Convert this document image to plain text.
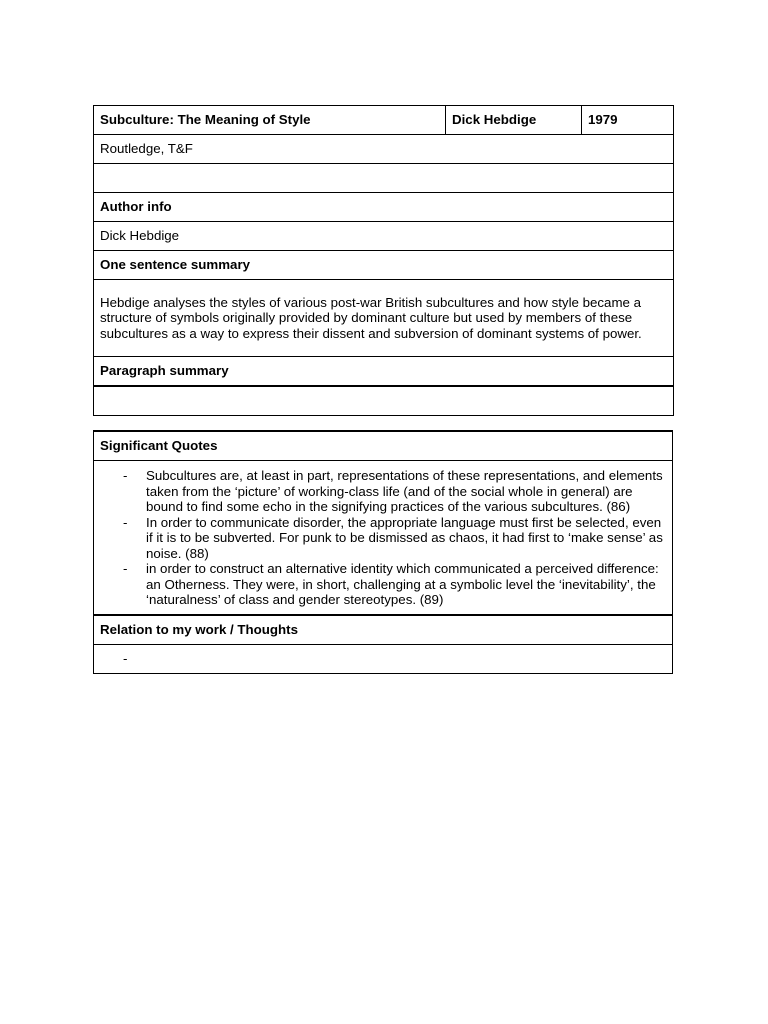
Subculture: The Meaning of Style	Dick Hebdige	1979
Routledge, T&F

Author info
Dick Hebdige
One sentence summary
Hebdige analyses the styles of various post-war British subcultures and how style became a structure of symbols originally provided by dominant culture but used by members of these subcultures as a way to express their dissent and subversion of dominant systems of power.
Paragraph summary

Significant Quotes

- Subcultures are, at least in part, representations of these representations, and elements taken from the ‘picture’ of working-class life (and of the social whole in general) are bound to find some echo in the signifying practices of the various subcultures. (86)
- In order to communicate disorder, the appropriate language must first be selected, even if it is to be subverted. For punk to be dismissed as chaos, it had first to ‘make sense’ as noise. (88)
- in order to construct an alternative identity which communicated a perceived difference: an Otherness. They were, in short, challenging at a symbolic level the ‘inevitability’, the ‘naturalness’ of class and gender stereotypes. (89)

Relation to my work / Thoughts

-
